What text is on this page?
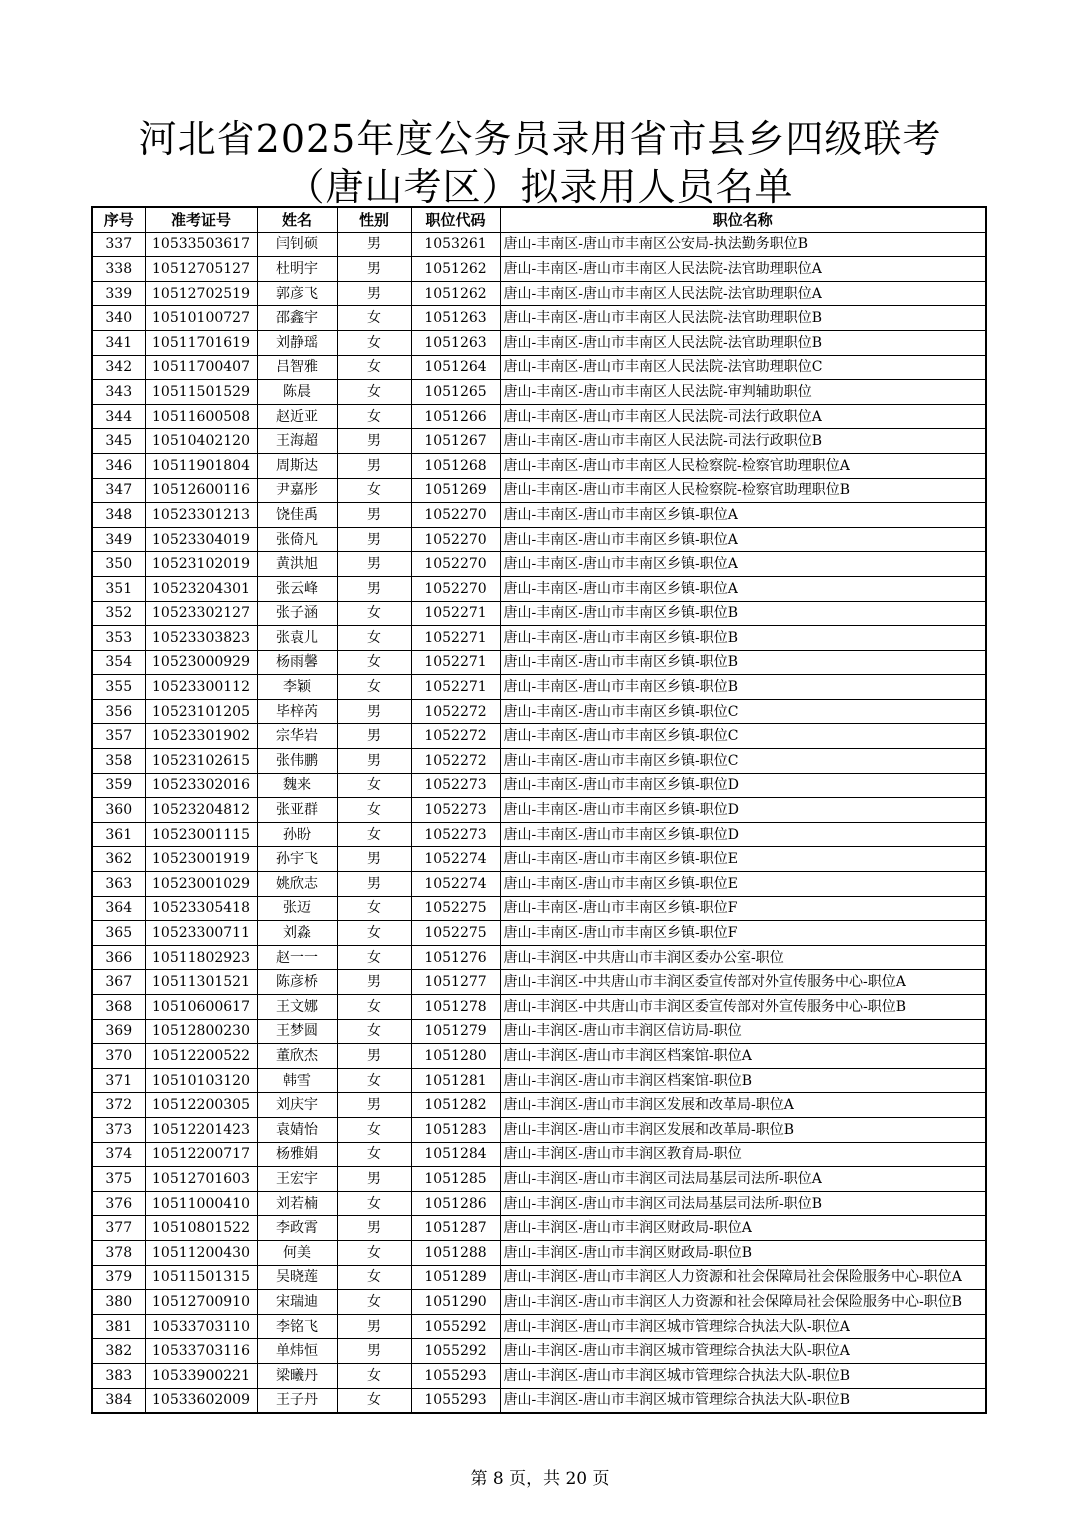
河北省2025年度公务员录用省市县乡四级联考
（唐山考区）拟录用人员名单
序号	准考证号	姓名	性别	职位代码	职位名称
337	10533503617	闫钊硕	男	1053261	唐山-丰南区-唐山市丰南区公安局-执法勤务职位B
338	10512705127	杜明宇	男	1051262	唐山-丰南区-唐山市丰南区人民法院-法官助理职位A
339	10512702519	郭彦飞	男	1051262	唐山-丰南区-唐山市丰南区人民法院-法官助理职位A
340	10510100727	邵鑫宇	女	1051263	唐山-丰南区-唐山市丰南区人民法院-法官助理职位B
341	10511701619	刘静瑶	女	1051263	唐山-丰南区-唐山市丰南区人民法院-法官助理职位B
342	10511700407	吕智雅	女	1051264	唐山-丰南区-唐山市丰南区人民法院-法官助理职位C
343	10511501529	陈晨	女	1051265	唐山-丰南区-唐山市丰南区人民法院-审判辅助职位
344	10511600508	赵近亚	女	1051266	唐山-丰南区-唐山市丰南区人民法院-司法行政职位A
345	10510402120	王海超	男	1051267	唐山-丰南区-唐山市丰南区人民法院-司法行政职位B
346	10511901804	周斯达	男	1051268	唐山-丰南区-唐山市丰南区人民检察院-检察官助理职位A
347	10512600116	尹嘉彤	女	1051269	唐山-丰南区-唐山市丰南区人民检察院-检察官助理职位B
348	10523301213	饶佳禹	男	1052270	唐山-丰南区-唐山市丰南区乡镇-职位A
349	10523304019	张倚凡	男	1052270	唐山-丰南区-唐山市丰南区乡镇-职位A
350	10523102019	黄洪旭	男	1052270	唐山-丰南区-唐山市丰南区乡镇-职位A
351	10523204301	张云峰	男	1052270	唐山-丰南区-唐山市丰南区乡镇-职位A
352	10523302127	张子涵	女	1052271	唐山-丰南区-唐山市丰南区乡镇-职位B
353	10523303823	张袁儿	女	1052271	唐山-丰南区-唐山市丰南区乡镇-职位B
354	10523000929	杨雨馨	女	1052271	唐山-丰南区-唐山市丰南区乡镇-职位B
355	10523300112	李颖	女	1052271	唐山-丰南区-唐山市丰南区乡镇-职位B
356	10523101205	毕梓芮	男	1052272	唐山-丰南区-唐山市丰南区乡镇-职位C
357	10523301902	宗华岩	男	1052272	唐山-丰南区-唐山市丰南区乡镇-职位C
358	10523102615	张伟鹏	男	1052272	唐山-丰南区-唐山市丰南区乡镇-职位C
359	10523302016	魏来	女	1052273	唐山-丰南区-唐山市丰南区乡镇-职位D
360	10523204812	张亚群	女	1052273	唐山-丰南区-唐山市丰南区乡镇-职位D
361	10523001115	孙盼	女	1052273	唐山-丰南区-唐山市丰南区乡镇-职位D
362	10523001919	孙宇飞	男	1052274	唐山-丰南区-唐山市丰南区乡镇-职位E
363	10523001029	姚欣志	男	1052274	唐山-丰南区-唐山市丰南区乡镇-职位E
364	10523305418	张迈	女	1052275	唐山-丰南区-唐山市丰南区乡镇-职位F
365	10523300711	刘淼	女	1052275	唐山-丰南区-唐山市丰南区乡镇-职位F
366	10511802923	赵一一	女	1051276	唐山-丰润区-中共唐山市丰润区委办公室-职位
367	10511301521	陈彦桥	男	1051277	唐山-丰润区-中共唐山市丰润区委宣传部对外宣传服务中心-职位A
368	10510600617	王文娜	女	1051278	唐山-丰润区-中共唐山市丰润区委宣传部对外宣传服务中心-职位B
369	10512800230	王梦圆	女	1051279	唐山-丰润区-唐山市丰润区信访局-职位
370	10512200522	董欣杰	男	1051280	唐山-丰润区-唐山市丰润区档案馆-职位A
371	10510103120	韩雪	女	1051281	唐山-丰润区-唐山市丰润区档案馆-职位B
372	10512200305	刘庆宇	男	1051282	唐山-丰润区-唐山市丰润区发展和改革局-职位A
373	10512201423	袁婧怡	女	1051283	唐山-丰润区-唐山市丰润区发展和改革局-职位B
374	10512200717	杨雅娟	女	1051284	唐山-丰润区-唐山市丰润区教育局-职位
375	10512701603	王宏宇	男	1051285	唐山-丰润区-唐山市丰润区司法局基层司法所-职位A
376	10511000410	刘若楠	女	1051286	唐山-丰润区-唐山市丰润区司法局基层司法所-职位B
377	10510801522	李政霄	男	1051287	唐山-丰润区-唐山市丰润区财政局-职位A
378	10511200430	何美	女	1051288	唐山-丰润区-唐山市丰润区财政局-职位B
379	10511501315	吴晓莲	女	1051289	唐山-丰润区-唐山市丰润区人力资源和社会保障局社会保险服务中心-职位A
380	10512700910	宋瑞迪	女	1051290	唐山-丰润区-唐山市丰润区人力资源和社会保障局社会保险服务中心-职位B
381	10533703110	李铭飞	男	1055292	唐山-丰润区-唐山市丰润区城市管理综合执法大队-职位A
382	10533703116	单炜恒	男	1055292	唐山-丰润区-唐山市丰润区城市管理综合执法大队-职位A
383	10533900221	梁曦丹	女	1055293	唐山-丰润区-唐山市丰润区城市管理综合执法大队-职位B
384	10533602009	王子丹	女	1055293	唐山-丰润区-唐山市丰润区城市管理综合执法大队-职位B
第 8 页，共 20 页
